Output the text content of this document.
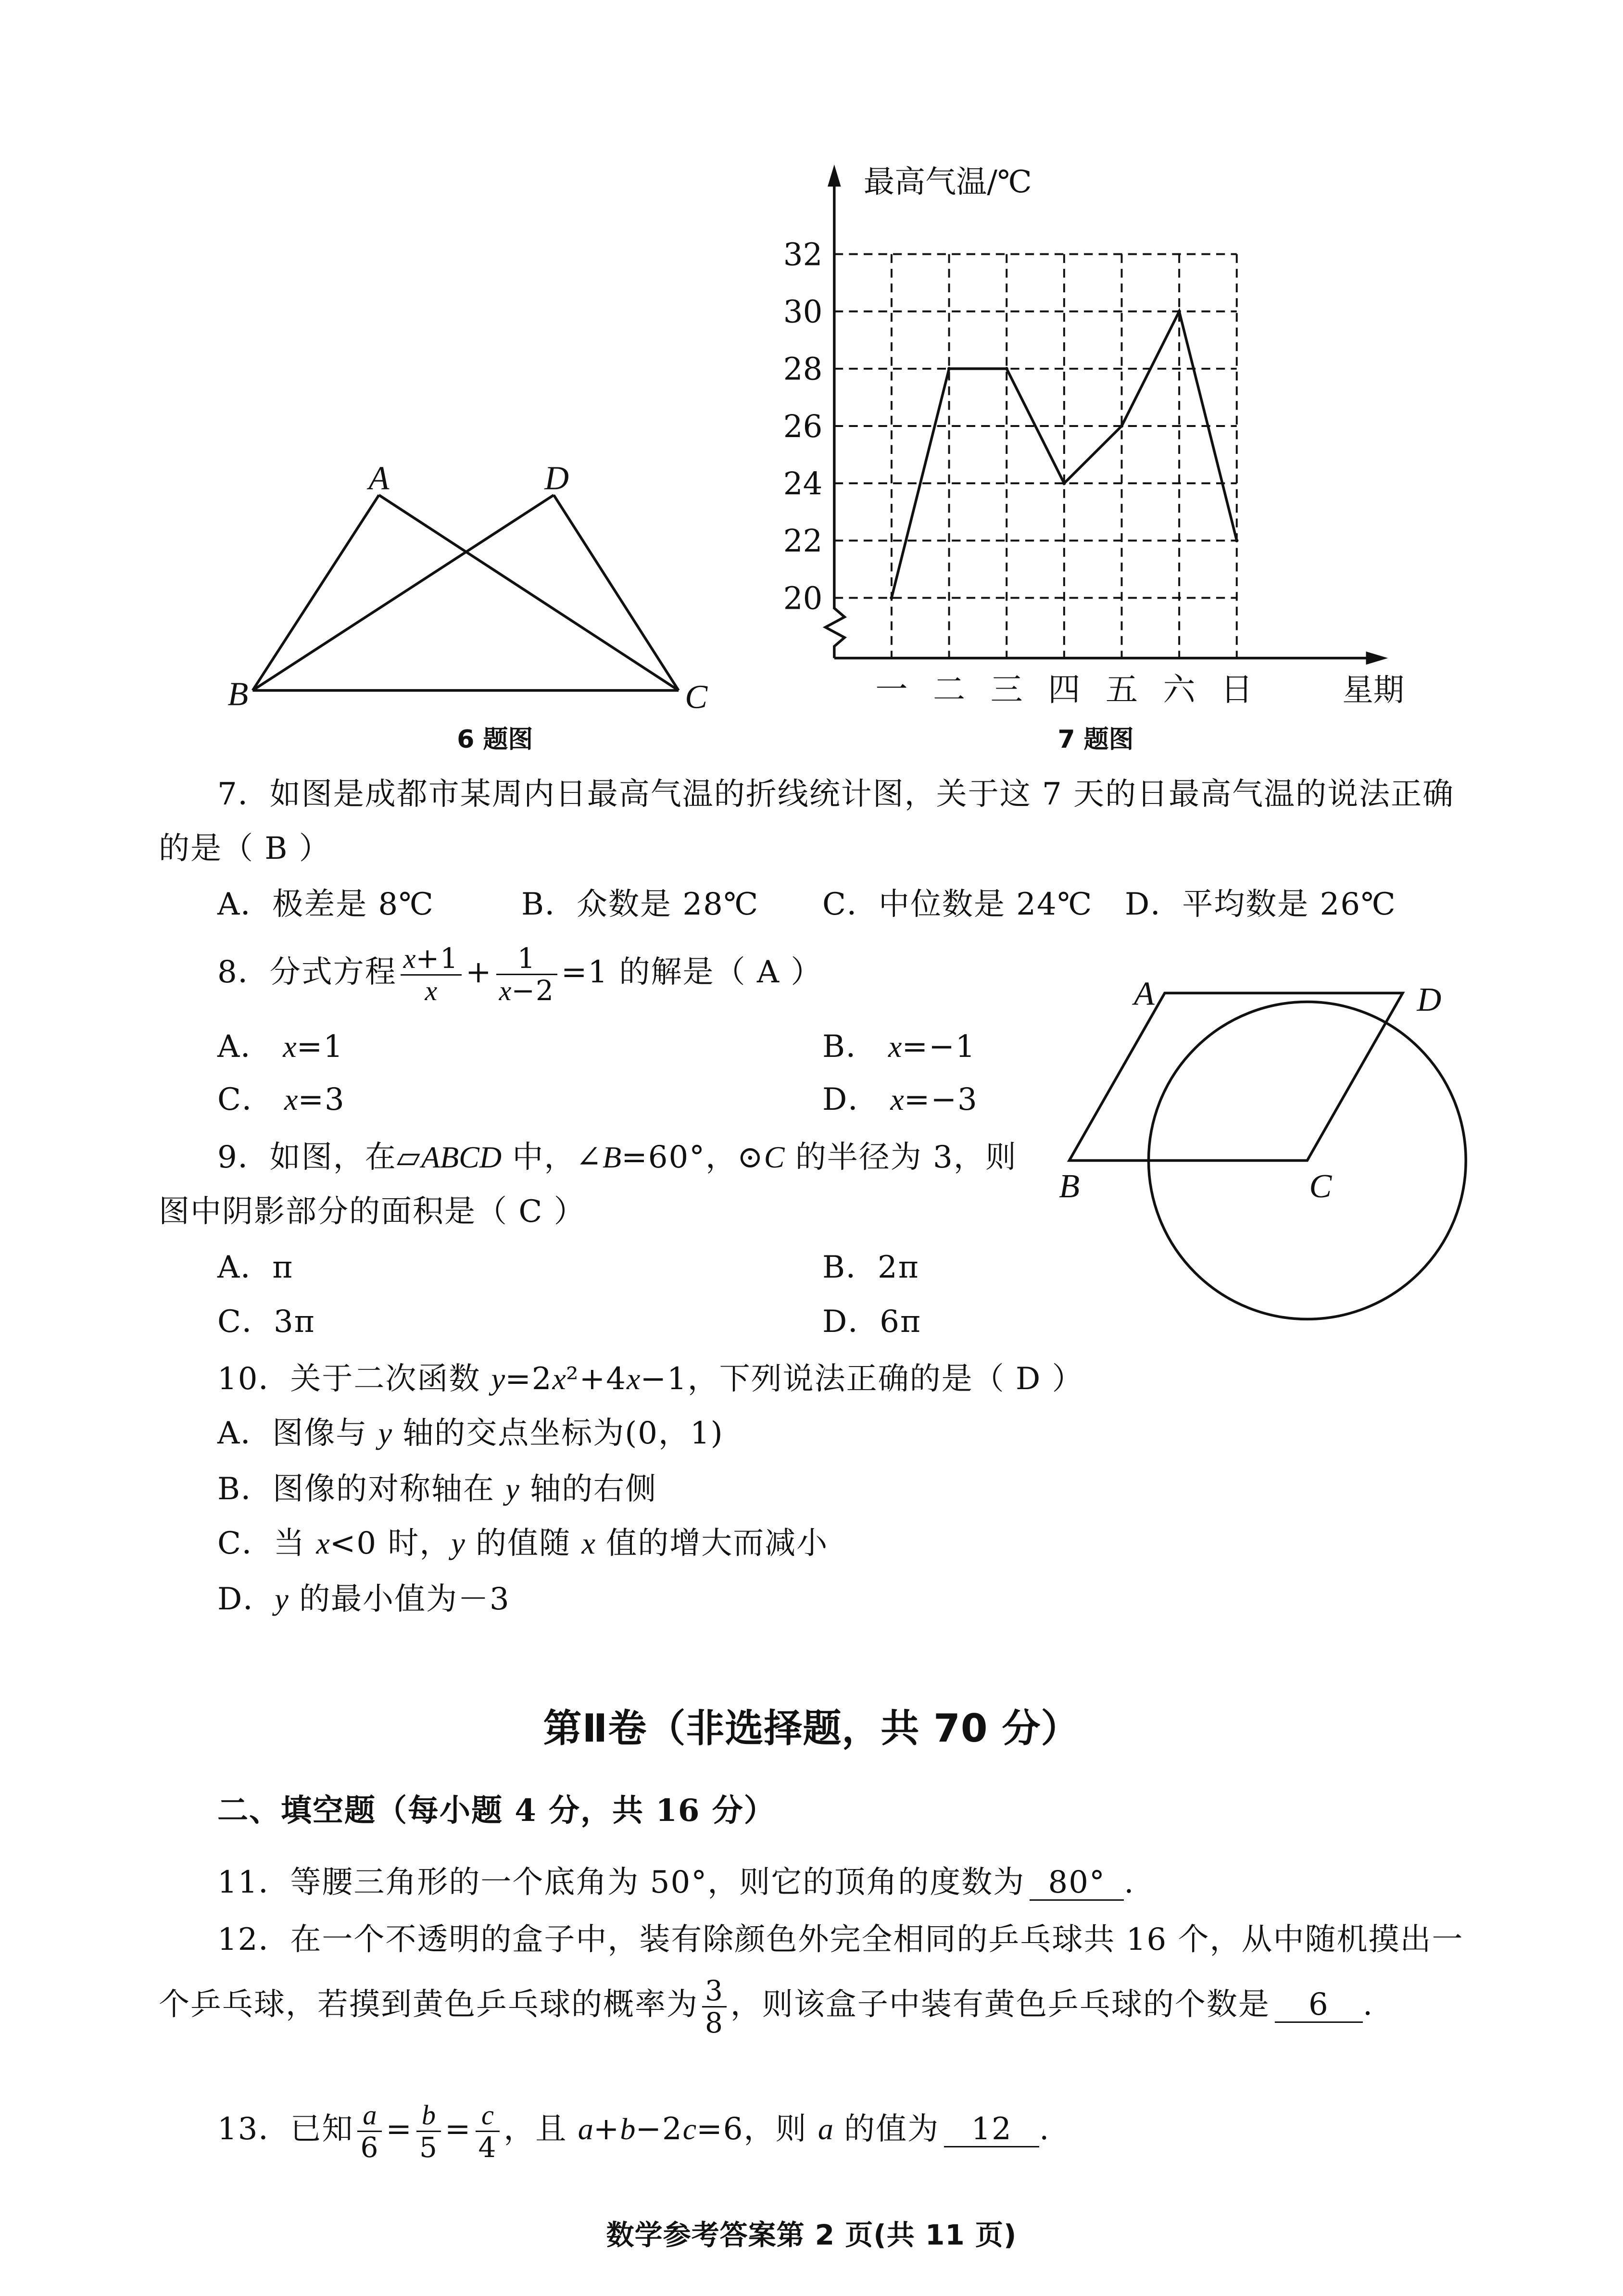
A	D
B	C
6 题图
20
22
24
26
28
30
32
一 二 三 四 五 六 日
最高气温/℃
星期
7 题图
A	D
B	C
7．如图是成都市某周内日最高气温的折线统计图，关于这 7 天的日最高气温的说法正确
的是（ B ）
A．极差是 8℃	B．众数是 28℃ C．中位数是 24℃ D．平均数是 26℃
8．分式方程 $\frac{x+1}{x} + \frac{1}{x-2} =1$ 的解是（ A ）
A． x=1	B． x=−1
C． x=3	D． x=−3
9．如图，在▱ABCD 中，∠B=60°，⊙C 的半径为 3，则
图中阴影部分的面积是（ C ）
A．π	B．2π
C．3π	D．6π
10．关于二次函数 y=2x²+4x−1，下列说法正确的是（ D ）
A．图像与 y 轴的交点坐标为(0，1)
B．图像的对称轴在 y 轴的右侧
C．当 x<0 时，y 的值随 x 值的增大而减小
D．y 的最小值为－3
第Ⅱ卷（非选择题，共 70 分）
二、填空题（每小题 4 分，共 16 分）
11．等腰三角形的一个底角为 50°，则它的顶角的度数为 80° .
12．在一个不透明的盒子中，装有除颜色外完全相同的乒乓球共 16 个，从中随机摸出一
个乒乓球，若摸到黄色乒乓球的概率为 $\frac{3}{8}$ ，则该盒子中装有黄色乒乓球的个数是 6 .
13．已知 $\frac{a}{6} = \frac{b}{5} = \frac{c}{4}$ ，且 a+b−2c=6，则 a 的值为 12 .
数学参考答案第 2 页(共 11 页)
